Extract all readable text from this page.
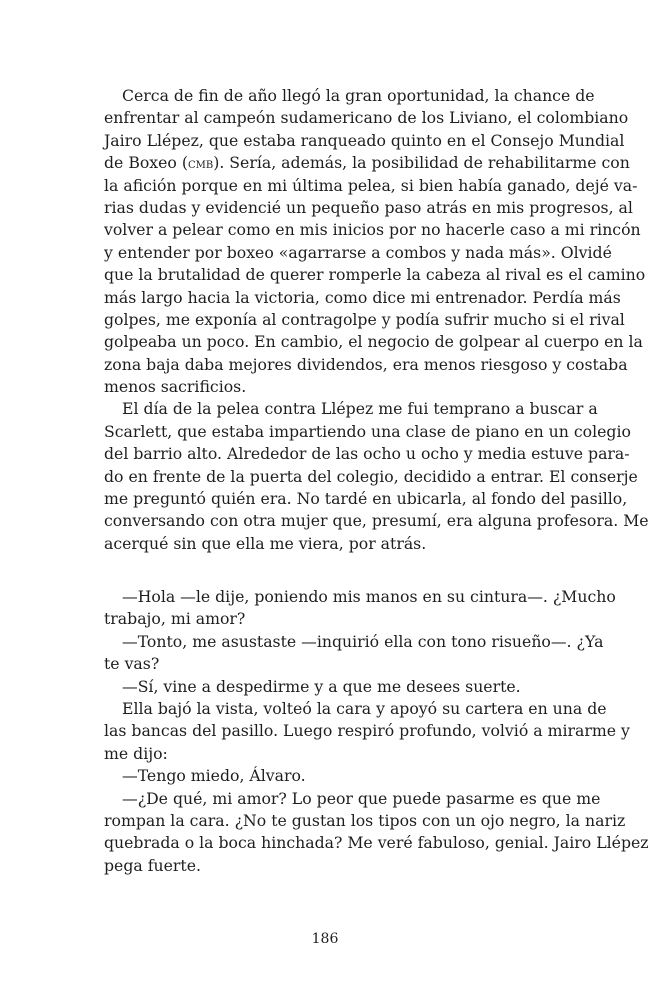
Cerca de fin de año llegó la gran oportunidad, la chance de
enfrentar al campeón sudamericano de los Liviano, el colombiano
Jairo Llépez, que estaba ranqueado quinto en el Consejo Mundial
de Boxeo (cmb). Sería, además, la posibilidad de rehabilitarme con
la afición porque en mi última pelea, si bien había ganado, dejé va-
rias dudas y evidencié un pequeño paso atrás en mis progresos, al
volver a pelear como en mis inicios por no hacerle caso a mi rincón
y entender por boxeo «agarrarse a combos y nada más». Olvidé
que la brutalidad de querer romperle la cabeza al rival es el camino
más largo hacia la victoria, como dice mi entrenador. Perdía más
golpes, me exponía al contragolpe y podía sufrir mucho si el rival
golpeaba un poco. En cambio, el negocio de golpear al cuerpo en la
zona baja daba mejores dividendos, era menos riesgoso y costaba
menos sacrificios.
El día de la pelea contra Llépez me fui temprano a buscar a
Scarlett, que estaba impartiendo una clase de piano en un colegio
del barrio alto. Alrededor de las ocho u ocho y media estuve para-
do en frente de la puerta del colegio, decidido a entrar. El conserje
me preguntó quién era. No tardé en ubicarla, al fondo del pasillo,
conversando con otra mujer que, presumí, era alguna profesora. Me
acerqué sin que ella me viera, por atrás.
—Hola —le dije, poniendo mis manos en su cintura—. ¿Mucho
trabajo, mi amor?
—Tonto, me asustaste —inquirió ella con tono risueño—. ¿Ya
te vas?
—Sí, vine a despedirme y a que me desees suerte.
Ella bajó la vista, volteó la cara y apoyó su cartera en una de
las bancas del pasillo. Luego respiró profundo, volvió a mirarme y
me dijo:
—Tengo miedo, Álvaro.
—¿De qué, mi amor? Lo peor que puede pasarme es que me
rompan la cara. ¿No te gustan los tipos con un ojo negro, la nariz
quebrada o la boca hinchada? Me veré fabuloso, genial. Jairo Llépez
pega fuerte.
186
